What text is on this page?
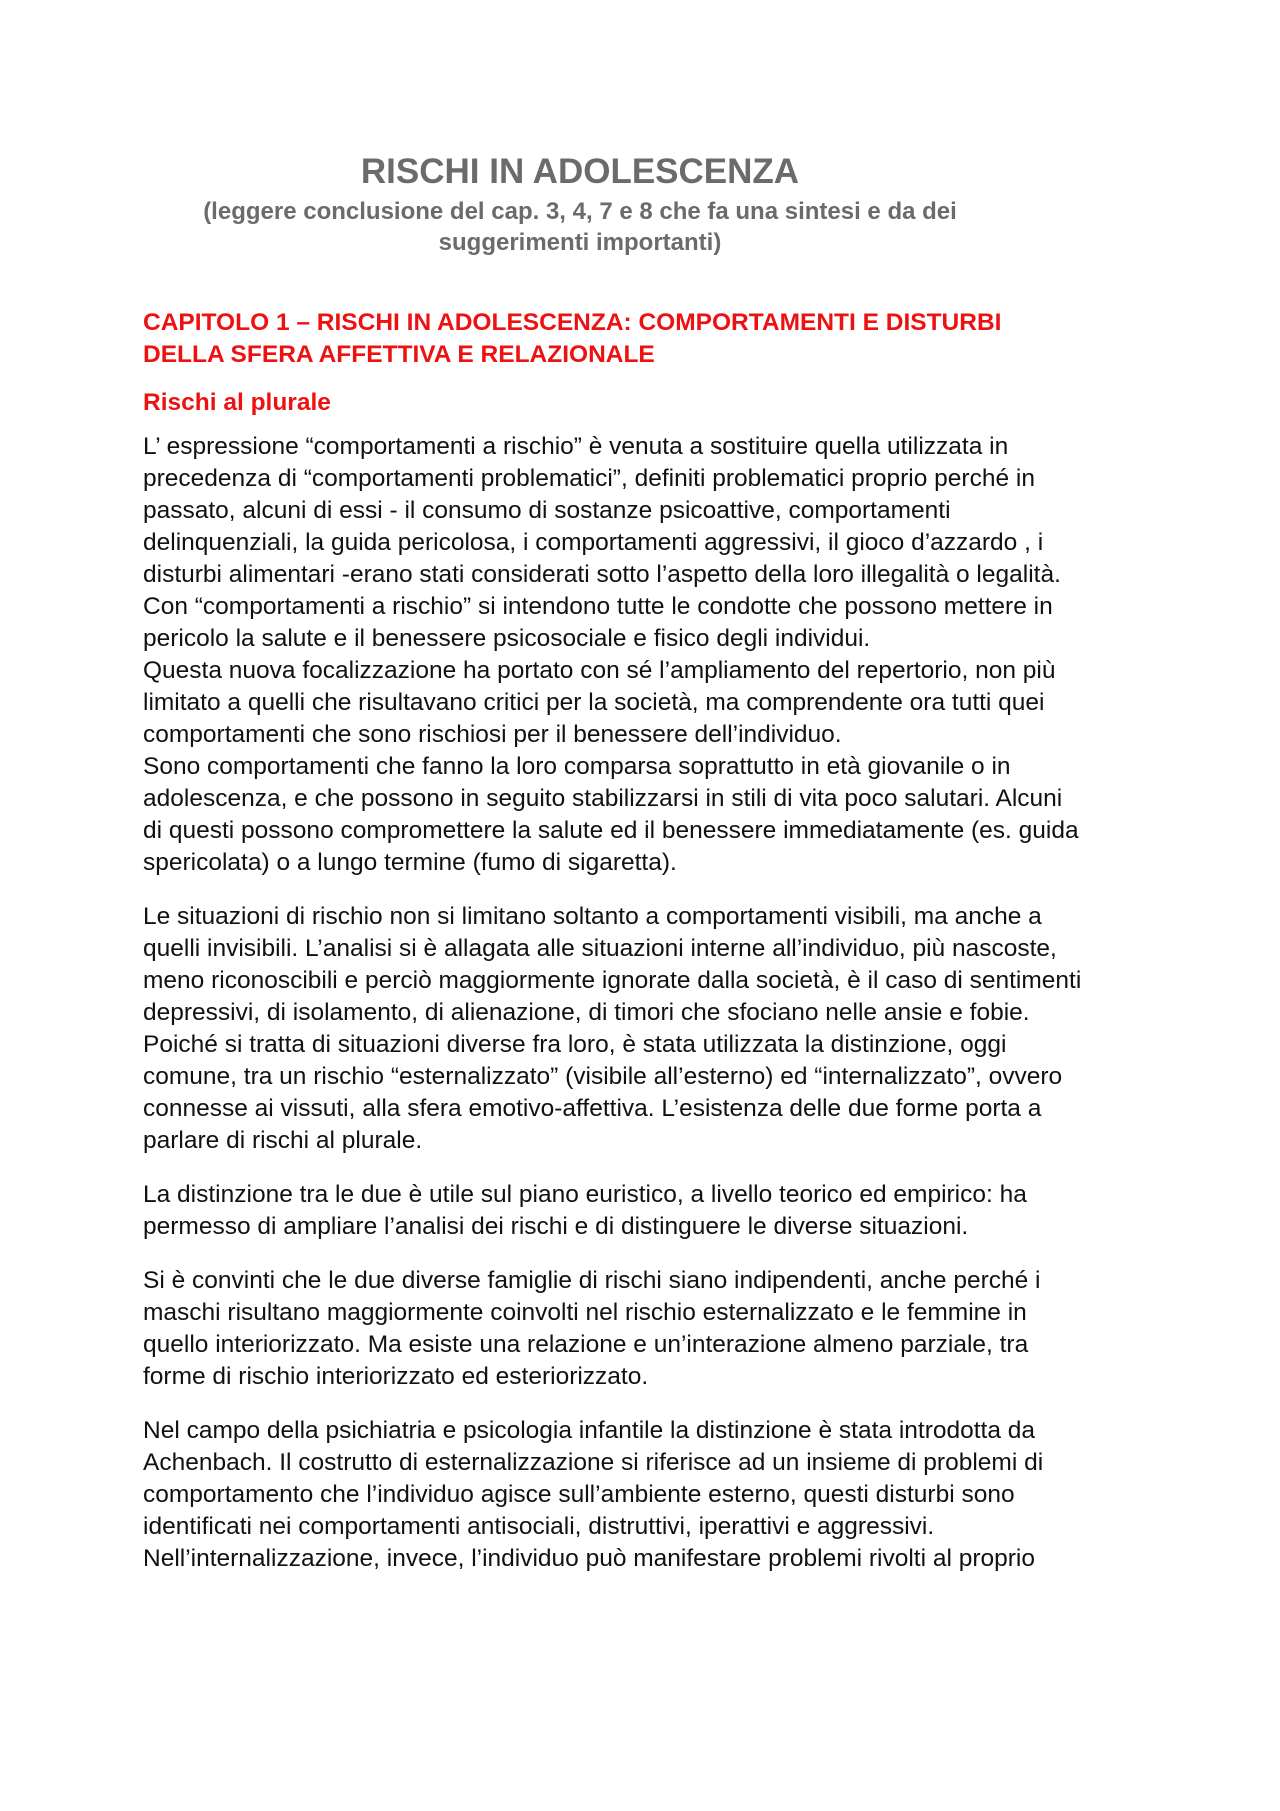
RISCHI IN ADOLESCENZA
(leggere conclusione del cap. 3, 4, 7 e 8 che fa una sintesi e da dei
suggerimenti importanti)
CAPITOLO 1 – RISCHI IN ADOLESCENZA: COMPORTAMENTI E DISTURBI
DELLA SFERA AFFETTIVA E RELAZIONALE
Rischi al plurale
L’ espressione “comportamenti a rischio” è venuta a sostituire quella utilizzata in
precedenza di “comportamenti problematici”, definiti problematici proprio perché in
passato, alcuni di essi - il consumo di sostanze psicoattive, comportamenti
delinquenziali, la guida pericolosa, i comportamenti aggressivi, il gioco d’azzardo , i
disturbi alimentari -erano stati considerati sotto l’aspetto della loro illegalità o legalità.
Con “comportamenti a rischio” si intendono tutte le condotte che possono mettere in
pericolo la salute e il benessere psicosociale e fisico degli individui.
Questa nuova focalizzazione ha portato con sé l’ampliamento del repertorio, non più
limitato a quelli che risultavano critici per la società, ma comprendente ora tutti quei
comportamenti che sono rischiosi per il benessere dell’individuo.
Sono comportamenti che fanno la loro comparsa soprattutto in età giovanile o in
adolescenza, e che possono in seguito stabilizzarsi in stili di vita poco salutari. Alcuni
di questi possono compromettere la salute ed il benessere immediatamente (es. guida
spericolata) o a lungo termine (fumo di sigaretta).
Le situazioni di rischio non si limitano soltanto a comportamenti visibili, ma anche a
quelli invisibili. L’analisi si è allagata alle situazioni interne all’individuo, più nascoste,
meno riconoscibili e perciò maggiormente ignorate dalla società, è il caso di sentimenti
depressivi, di isolamento, di alienazione, di timori che sfociano nelle ansie e fobie.
Poiché si tratta di situazioni diverse fra loro, è stata utilizzata la distinzione, oggi
comune, tra un rischio “esternalizzato” (visibile all’esterno) ed “internalizzato”, ovvero
connesse ai vissuti, alla sfera emotivo-affettiva. L’esistenza delle due forme porta a
parlare di rischi al plurale.
La distinzione tra le due è utile sul piano euristico, a livello teorico ed empirico: ha
permesso di ampliare l’analisi dei rischi e di distinguere le diverse situazioni.
Si è convinti che le due diverse famiglie di rischi siano indipendenti, anche perché i
maschi risultano maggiormente coinvolti nel rischio esternalizzato e le femmine in
quello interiorizzato. Ma esiste una relazione e un’interazione almeno parziale, tra
forme di rischio interiorizzato ed esteriorizzato.
Nel campo della psichiatria e psicologia infantile la distinzione è stata introdotta da
Achenbach. Il costrutto di esternalizzazione si riferisce ad un insieme di problemi di
comportamento che l’individuo agisce sull’ambiente esterno, questi disturbi sono
identificati nei comportamenti antisociali, distruttivi, iperattivi e aggressivi.
Nell’internalizzazione, invece, l’individuo può manifestare problemi rivolti al proprio
